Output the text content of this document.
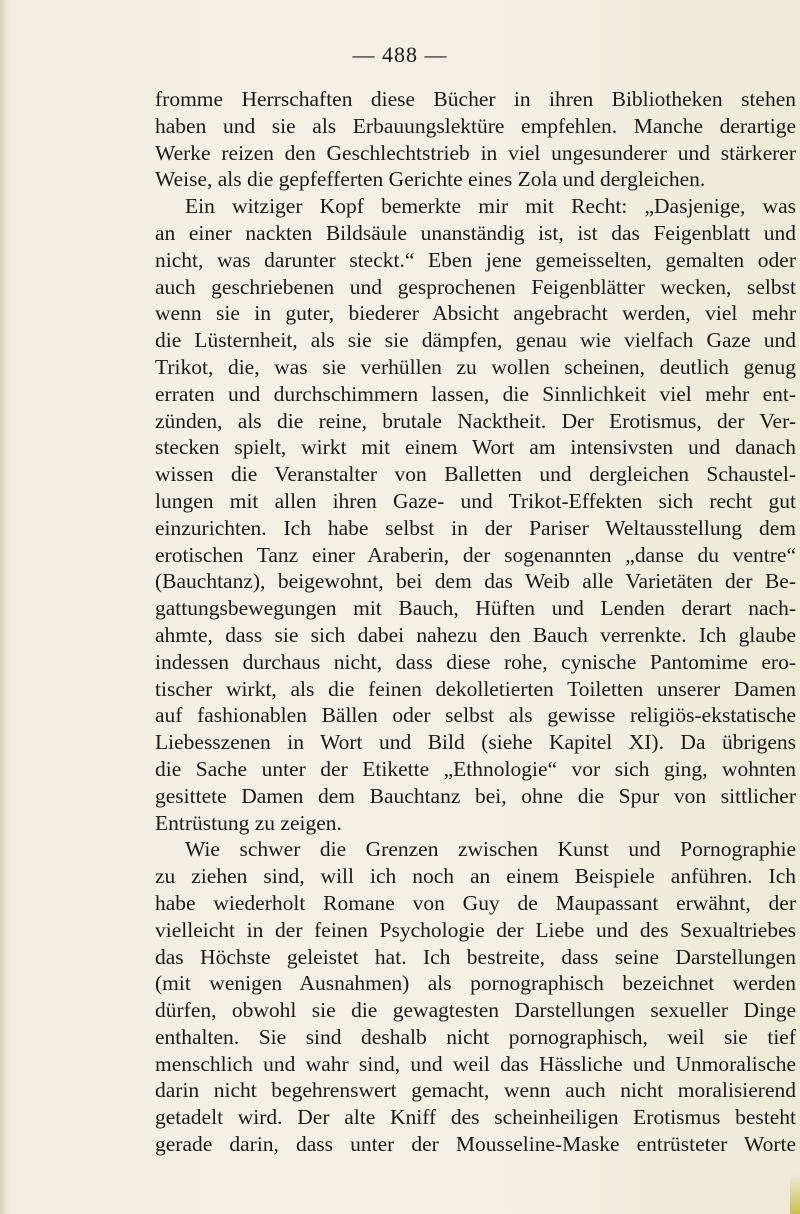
— 488 —
fromme Herrschaften diese Bücher in ihren Bibliotheken stehen
haben und sie als Erbauungslektüre empfehlen. Manche derartige
Werke reizen den Geschlechtstrieb in viel ungesunderer und stärkerer
Weise, als die gepfefferten Gerichte eines Zola und dergleichen.
Ein witziger Kopf bemerkte mir mit Recht: „Dasjenige, was
an einer nackten Bildsäule unanständig ist, ist das Feigenblatt und
nicht, was darunter steckt.“ Eben jene gemeisselten, gemalten oder
auch geschriebenen und gesprochenen Feigenblätter wecken, selbst
wenn sie in guter, biederer Absicht angebracht werden, viel mehr
die Lüsternheit, als sie sie dämpfen, genau wie vielfach Gaze und
Trikot, die, was sie verhüllen zu wollen scheinen, deutlich genug
erraten und durchschimmern lassen, die Sinnlichkeit viel mehr ent-
zünden, als die reine, brutale Nacktheit. Der Erotismus, der Ver-
stecken spielt, wirkt mit einem Wort am intensivsten und danach
wissen die Veranstalter von Balletten und dergleichen Schaustel-
lungen mit allen ihren Gaze- und Trikot-Effekten sich recht gut
einzurichten. Ich habe selbst in der Pariser Weltausstellung dem
erotischen Tanz einer Araberin, der sogenannten „danse du ventre“
(Bauchtanz), beigewohnt, bei dem das Weib alle Varietäten der Be-
gattungsbewegungen mit Bauch, Hüften und Lenden derart nach-
ahmte, dass sie sich dabei nahezu den Bauch verrenkte. Ich glaube
indessen durchaus nicht, dass diese rohe, cynische Pantomime ero-
tischer wirkt, als die feinen dekolletierten Toiletten unserer Damen
auf fashionablen Bällen oder selbst als gewisse religiös-ekstatische
Liebesszenen in Wort und Bild (siehe Kapitel XI). Da übrigens
die Sache unter der Etikette „Ethnologie“ vor sich ging, wohnten
gesittete Damen dem Bauchtanz bei, ohne die Spur von sittlicher
Entrüstung zu zeigen.
Wie schwer die Grenzen zwischen Kunst und Pornographie
zu ziehen sind, will ich noch an einem Beispiele anführen. Ich
habe wiederholt Romane von Guy de Maupassant erwähnt, der
vielleicht in der feinen Psychologie der Liebe und des Sexualtriebes
das Höchste geleistet hat. Ich bestreite, dass seine Darstellungen
(mit wenigen Ausnahmen) als pornographisch bezeichnet werden
dürfen, obwohl sie die gewagtesten Darstellungen sexueller Dinge
enthalten. Sie sind deshalb nicht pornographisch, weil sie tief
menschlich und wahr sind, und weil das Hässliche und Unmoralische
darin nicht begehrenswert gemacht, wenn auch nicht moralisierend
getadelt wird. Der alte Kniff des scheinheiligen Erotismus besteht
gerade darin, dass unter der Mousseline-Maske entrüsteter Worte
